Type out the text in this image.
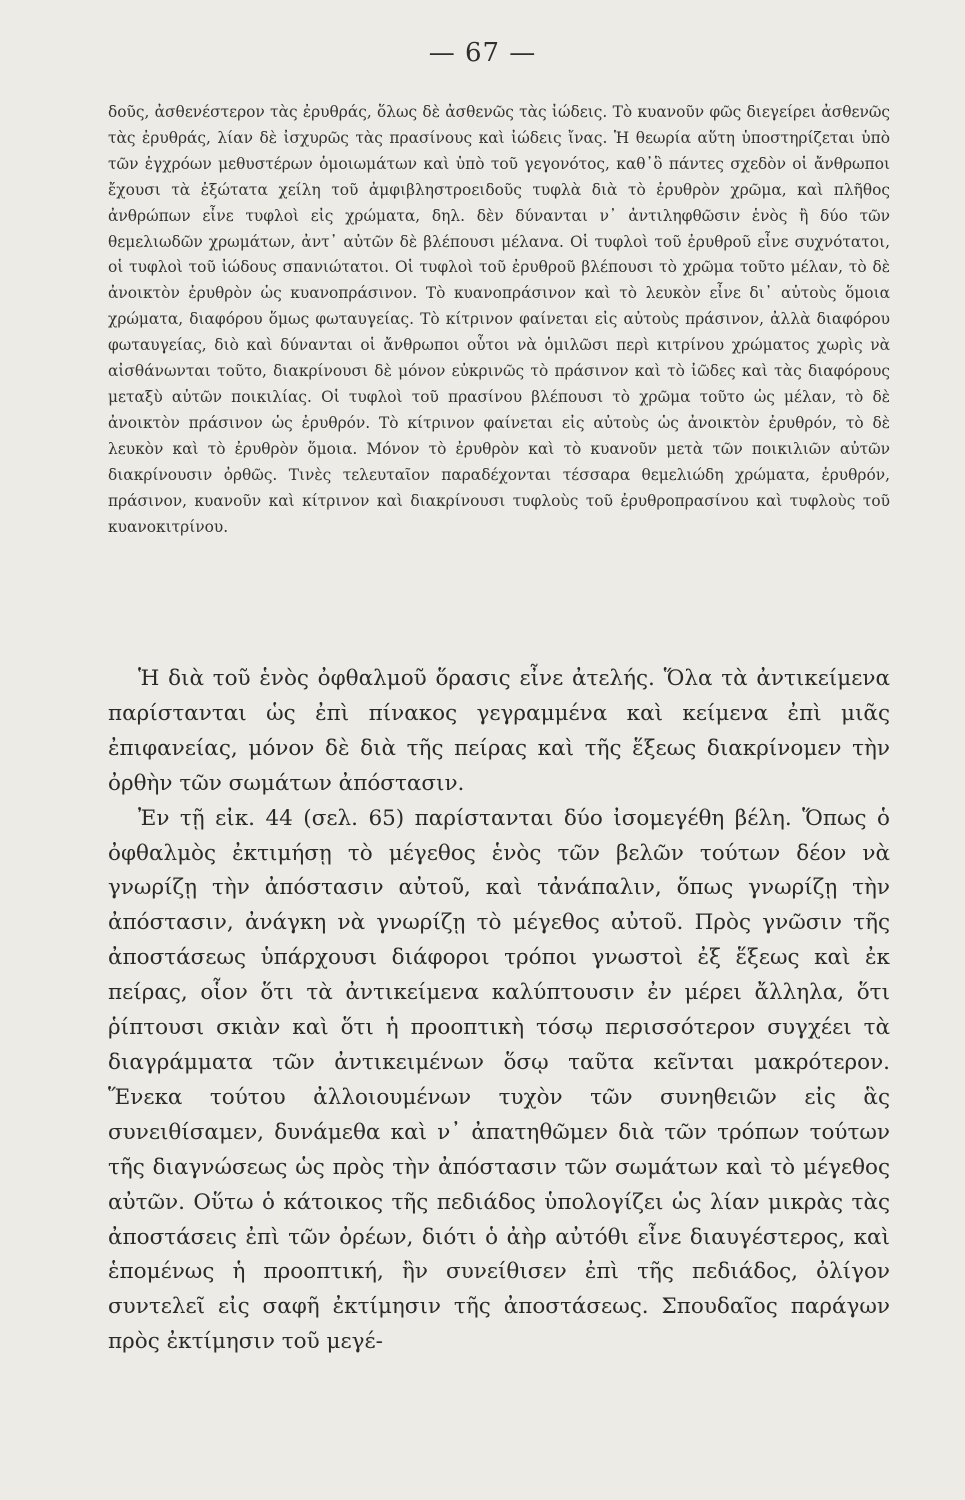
— 67 —

δοῦς, ἀσθενέστερον τὰς ἐρυθράς, ὅλως δὲ ἀσθενῶς τὰς ἰώδεις. Τὸ κυανοῦν φῶς διεγείρει ἀσθενῶς τὰς ἐρυθράς, λίαν δὲ ἰσχυρῶς τὰς πρασίνους καὶ ἰώδεις ἴνας. Ἡ θεωρία αὕτη ὑποστηρίζεται ὑπὸ τῶν ἐγχρόων μεθυστέρων ὁμοιωμάτων καὶ ὑπὸ τοῦ γεγονότος, καθ᾽ὃ πάντες σχεδὸν οἱ ἄνθρωποι ἔχουσι τὰ ἐξώτατα χείλη τοῦ ἀμφιβληστροειδοῦς τυφλὰ διὰ τὸ ἐρυθρὸν χρῶμα, καὶ πλῆθος ἀνθρώπων εἶνε τυφλοὶ εἰς χρώματα, δηλ. δὲν δύνανται ν᾽ ἀντιληφθῶσιν ἑνὸς ἢ δύο τῶν θεμελιωδῶν χρωμάτων, ἀντ᾽ αὐτῶν δὲ βλέπουσι μέλανα. Οἱ τυφλοὶ τοῦ ἐρυθροῦ εἶνε συχνότατοι, οἱ τυφλοὶ τοῦ ἰώδους σπανιώτατοι. Οἱ τυφλοὶ τοῦ ἐρυθροῦ βλέπουσι τὸ χρῶμα τοῦτο μέλαν, τὸ δὲ ἀνοικτὸν ἐρυθρὸν ὡς κυανοπράσινον. Τὸ κυανοπράσινον καὶ τὸ λευκὸν εἶνε δι᾽ αὐτοὺς ὅμοια χρώματα, διαφόρου ὅμως φωταυγείας. Τὸ κίτρινον φαίνεται εἰς αὐτοὺς πράσινον, ἀλλὰ διαφόρου φωταυγείας, διὸ καὶ δύνανται οἱ ἄνθρωποι οὗτοι νὰ ὁμιλῶσι περὶ κιτρίνου χρώματος χωρὶς νὰ αἰσθάνωνται τοῦτο, διακρίνουσι δὲ μόνον εὐκρινῶς τὸ πράσινον καὶ τὸ ἰῶδες καὶ τὰς διαφόρους μεταξὺ αὐτῶν ποικιλίας. Οἱ τυφλοὶ τοῦ πρασίνου βλέπουσι τὸ χρῶμα τοῦτο ὡς μέλαν, τὸ δὲ ἀνοικτὸν πράσινον ὡς ἐρυθρόν. Τὸ κίτρινον φαίνεται εἰς αὐτοὺς ὡς ἀνοικτὸν ἐρυθρόν, τὸ δὲ λευκὸν καὶ τὸ ἐρυθρὸν ὅμοια. Μόνον τὸ ἐρυθρὸν καὶ τὸ κυανοῦν μετὰ τῶν ποικιλιῶν αὐτῶν διακρίνουσιν ὀρθῶς. Τινὲς τελευταῖον παραδέχονται τέσσαρα θεμελιώδη χρώματα, ἐρυθρόν, πράσινον, κυανοῦν καὶ κίτρινον καὶ διακρίνουσι τυφλοὺς τοῦ ἐρυθροπρασίνου καὶ τυφλοὺς τοῦ κυανοκιτρίνου.

Ἡ διὰ τοῦ ἑνὸς ὀφθαλμοῦ ὅρασις εἶνε ἀτελής. Ὅλα τὰ ἀντικείμενα παρίστανται ὡς ἐπὶ πίνακος γεγραμμένα καὶ κείμενα ἐπὶ μιᾶς ἐπιφανείας, μόνον δὲ διὰ τῆς πείρας καὶ τῆς ἕξεως διακρίνομεν τὴν ὀρθὴν τῶν σωμάτων ἀπόστασιν.

Ἐν τῇ εἰκ. 44 (σελ. 65) παρίστανται δύο ἰσομεγέθη βέλη. Ὅπως ὁ ὀφθαλμὸς ἐκτιμήσῃ τὸ μέγεθος ἑνὸς τῶν βελῶν τούτων δέον νὰ γνωρίζῃ τὴν ἀπόστασιν αὐτοῦ, καὶ τἀνάπαλιν, ὅπως γνωρίζῃ τὴν ἀπόστασιν, ἀνάγκη νὰ γνωρίζῃ τὸ μέγεθος αὐτοῦ. Πρὸς γνῶσιν τῆς ἀποστάσεως ὑπάρχουσι διάφοροι τρόποι γνωστοὶ ἐξ ἕξεως καὶ ἐκ πείρας, οἷον ὅτι τὰ ἀντικείμενα καλύπτουσιν ἐν μέρει ἄλληλα, ὅτι ῥίπτουσι σκιὰν καὶ ὅτι ἡ προοπτικὴ τόσῳ περισσότερον συγχέει τὰ διαγράμματα τῶν ἀντικειμένων ὅσῳ ταῦτα κεῖνται μακρότερον. Ἕνεκα τούτου ἀλλοιουμένων τυχὸν τῶν συνηθειῶν εἰς ἃς συνειθίσαμεν, δυνάμεθα καὶ ν᾽ ἀπατηθῶμεν διὰ τῶν τρόπων τούτων τῆς διαγνώσεως ὡς πρὸς τὴν ἀπόστασιν τῶν σωμάτων καὶ τὸ μέγεθος αὐτῶν. Οὕτω ὁ κάτοικος τῆς πεδιάδος ὑπολογίζει ὡς λίαν μικρὰς τὰς ἀποστάσεις ἐπὶ τῶν ὀρέων, διότι ὁ ἀὴρ αὐτόθι εἶνε διαυγέστερος, καὶ ἑπομένως ἡ προοπτική, ἣν συνείθισεν ἐπὶ τῆς πεδιάδος, ὀλίγον συντελεῖ εἰς σαφῆ ἐκτίμησιν τῆς ἀποστάσεως. Σπουδαῖος παράγων πρὸς ἐκτίμησιν τοῦ μεγέ-
